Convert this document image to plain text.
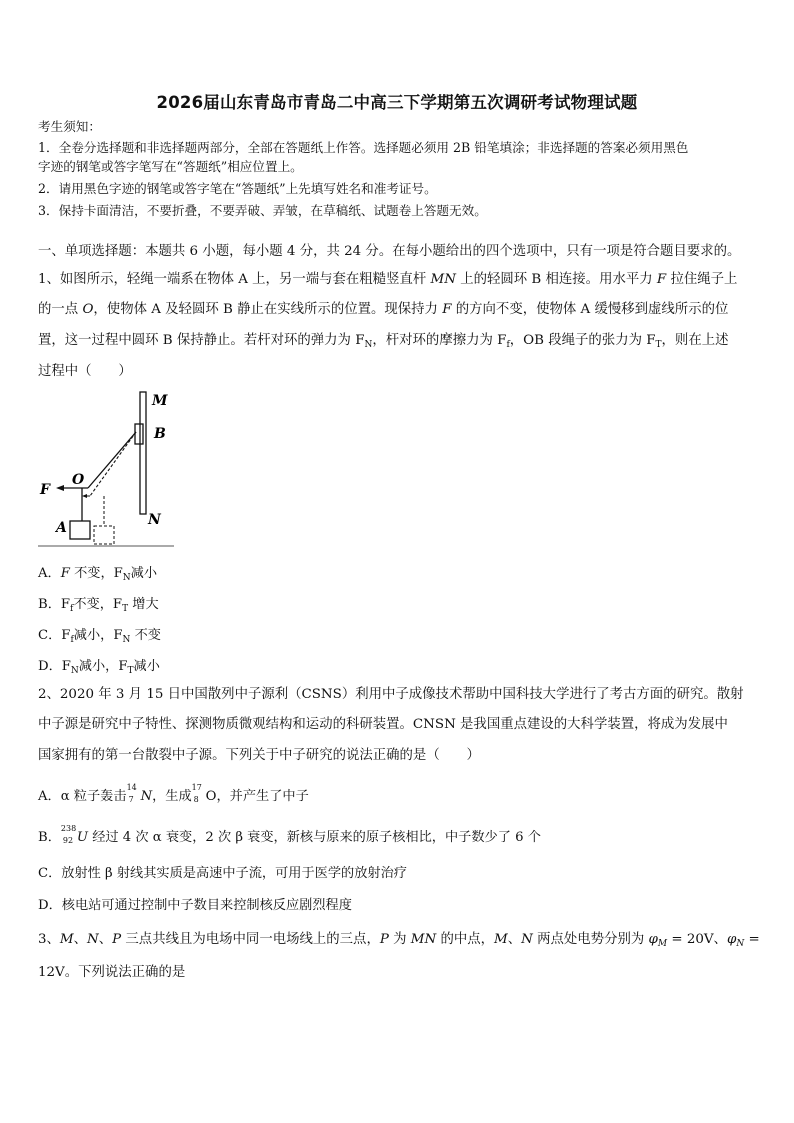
2026届山东青岛市青岛二中高三下学期第五次调研考试物理试题
考生须知：
1．全卷分选择题和非选择题两部分，全部在答题纸上作答。选择题必须用 2B 铅笔填涂；非选择题的答案必须用黑色
字迹的钢笔或答字笔写在“答题纸”相应位置上。
2．请用黑色字迹的钢笔或答字笔在“答题纸”上先填写姓名和准考证号。
3．保持卡面清洁，不要折叠，不要弄破、弄皱，在草稿纸、试题卷上答题无效。
一、单项选择题：本题共 6 小题，每小题 4 分，共 24 分。在每小题给出的四个选项中，只有一项是符合题目要求的。
1、如图所示，轻绳一端系在物体 A 上，另一端与套在粗糙竖直杆 MN 上的轻圆环 B 相连接。用水平力 F 拉住绳子上
的一点 O，使物体 A 及轻圆环 B 静止在实线所示的位置。现保持力 F 的方向不变，使物体 A 缓慢移到虚线所示的位
置，这一过程中圆环 B 保持静止。若杆对环的弹力为 $F_N$，杆对环的摩擦力为 $F_f$，OB 段绳子的张力为 $F_T$，则在上述
过程中（　　）
M
B
O
F
A	N
A．F 不变，$F_N$减小
B．$F_f$不变，$F_T$ 增大
C．$F_f$减小，$F_N$ 不变
D．$F_N$减小，$F_T$减小
2、2020 年 3 月 15 日中国散列中子源利（CSNS）利用中子成像技术帮助中国科技大学进行了考古方面的研究。散射
中子源是研究中子特性、探测物质微观结构和运动的科研装置。CNSN 是我国重点建设的大科学装置，将成为发展中
国家拥有的第一台散裂中子源。下列关于中子研究的说法正确的是（　　）
A．α 粒子轰击
14
7 N，生成
17
8 O，并产生了中子
B．
238
92 U 经过 4 次 α 衰变，2 次 β 衰变，新核与原来的原子核相比，中子数少了 6 个
C．放射性 β 射线其实质是高速中子流，可用于医学的放射治疗
D．核电站可通过控制中子数目来控制核反应剧烈程度
3、M、N、P 三点共线且为电场中同一电场线上的三点，P 为 MN 的中点，M、N 两点处电势分别为 $\varphi_M = 20V$、$\varphi_N$ =
12V。下列说法正确的是
